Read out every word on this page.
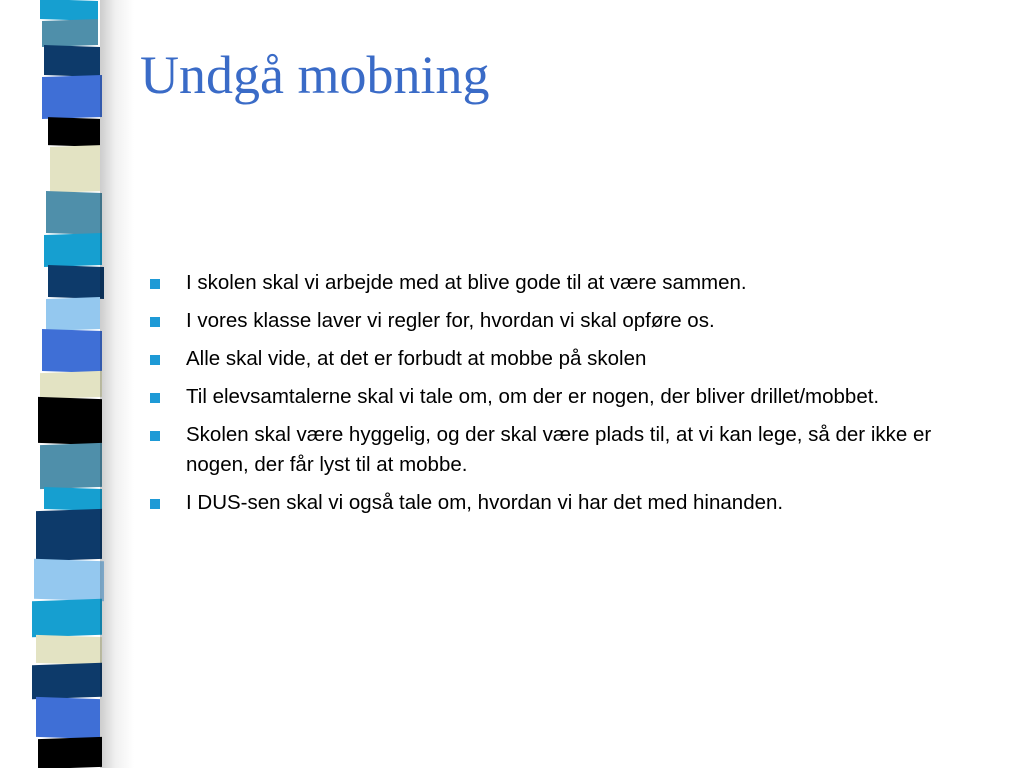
Undgå mobning
I skolen skal vi arbejde med at blive gode til at være sammen.
I vores klasse laver vi regler for, hvordan vi skal opføre os.
Alle skal vide, at det er forbudt at mobbe på skolen
Til elevsamtalerne skal vi tale om, om der er nogen, der bliver drillet/mobbet.
Skolen skal være hyggelig, og der skal være plads til, at vi kan lege, så der ikke er nogen, der får lyst til at mobbe.
I DUS-sen skal vi også tale om, hvordan vi har det med hinanden.
